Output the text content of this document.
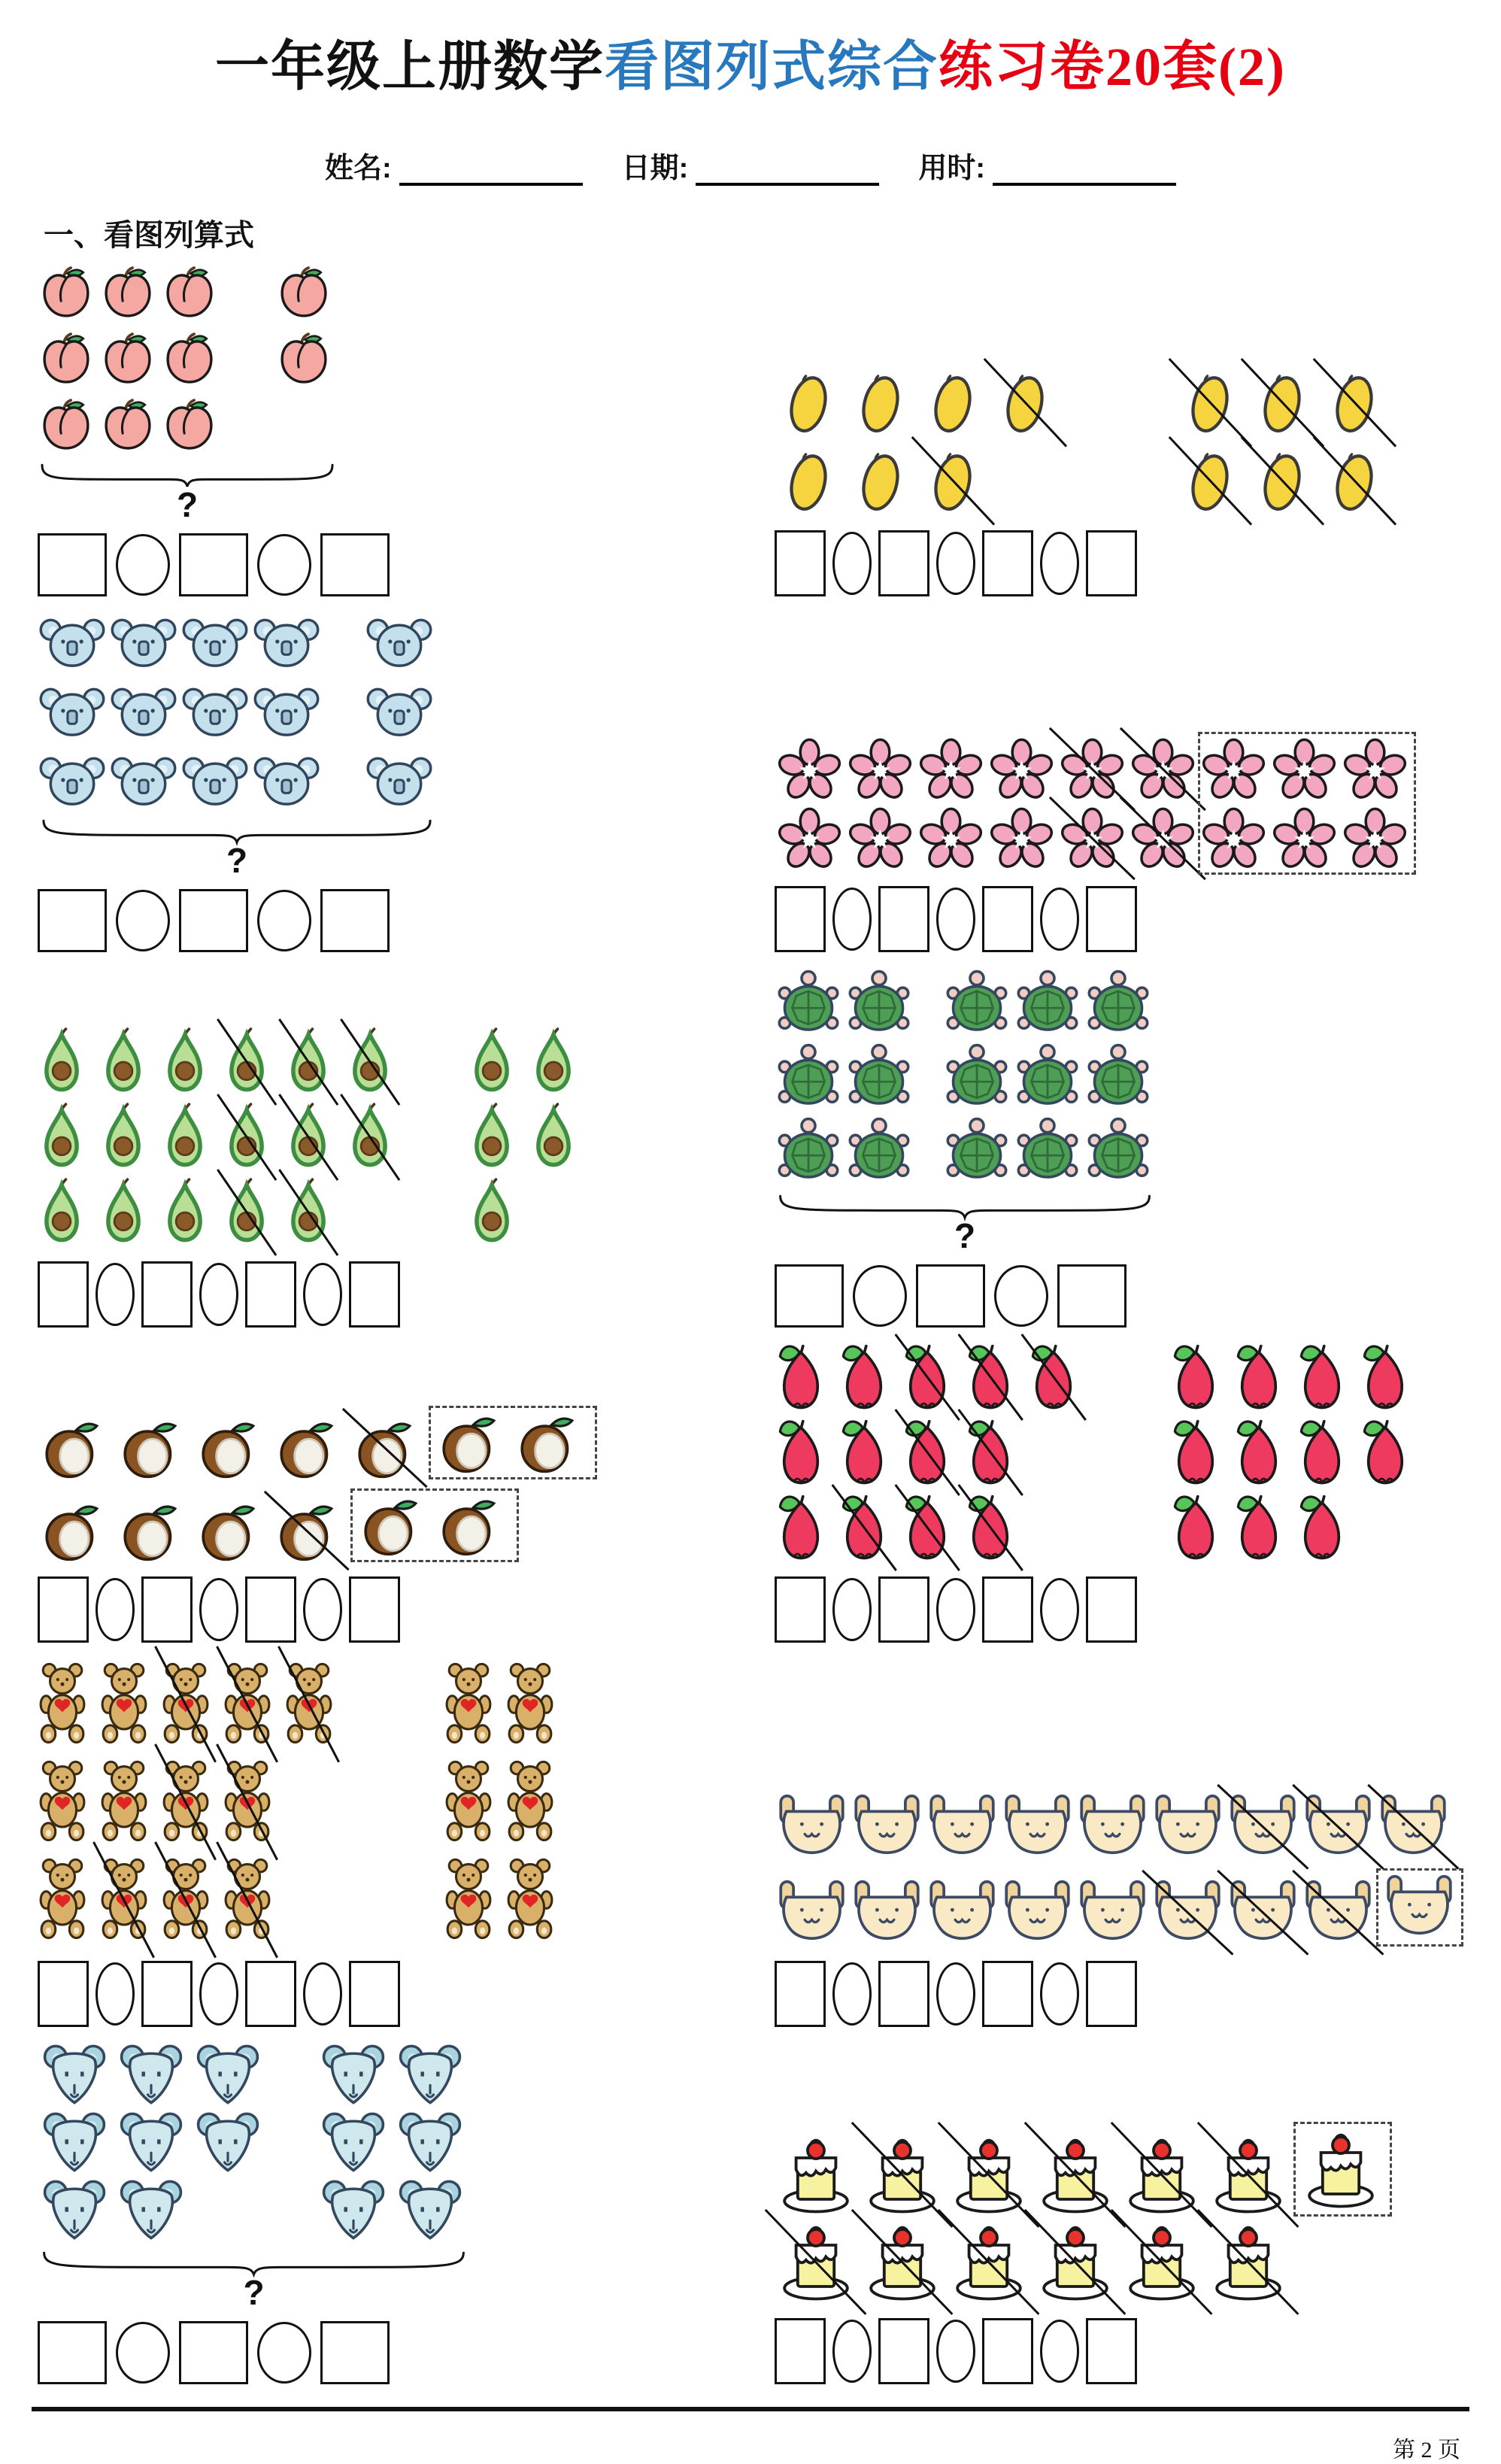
一年级上册数学看图列式综合练习卷20套(2)
姓名:	日期:	用时:
一、看图列算式
?
?
?
?
第 2 页
